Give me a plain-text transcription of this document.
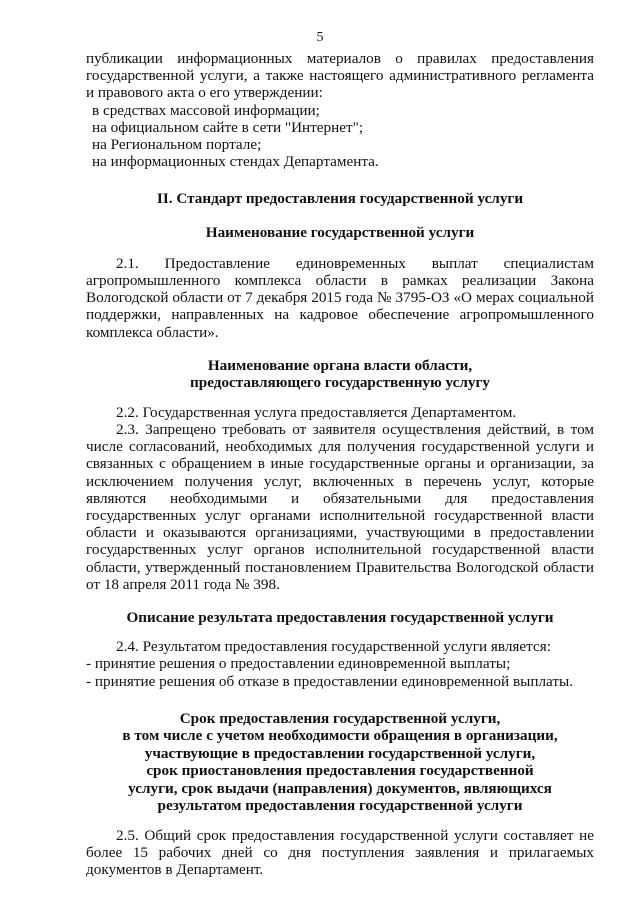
5

публикации информационных материалов о правилах предоставления государственной услуги, а также настоящего административного регламента и правового акта о его утверждении:

в средствах массовой информации;

на официальном сайте в сети "Интернет";

на Региональном портале;

на информационных стендах Департамента.

II. Стандарт предоставления государственной услуги

Наименование государственной услуги

2.1. Предоставление единовременных выплат специалистам агропромышленного комплекса области в рамках реализации Закона Вологодской области от 7 декабря 2015 года № 3795-ОЗ «О мерах социальной поддержки, направленных на кадровое обеспечение агропромышленного комплекса области».

Наименование органа власти области,
предоставляющего государственную услугу

2.2. Государственная услуга предоставляется Департаментом.

2.3. Запрещено требовать от заявителя осуществления действий, в том числе согласований, необходимых для получения государственной услуги и связанных с обращением в иные государственные органы и организации, за исключением получения услуг, включенных в перечень услуг, которые являются необходимыми и обязательными для предоставления государственных услуг органами исполнительной государственной власти области и оказываются организациями, участвующими в предоставлении государственных услуг органов исполнительной государственной власти области, утвержденный постановлением Правительства Вологодской области от 18 апреля 2011 года № 398.

Описание результата предоставления государственной услуги

2.4. Результатом предоставления государственной услуги является:

- принятие решения о предоставлении единовременной выплаты;

- принятие решения об отказе в предоставлении единовременной выплаты.

Срок предоставления государственной услуги,
в том числе с учетом необходимости обращения в организации,
участвующие в предоставлении государственной услуги,
срок приостановления предоставления государственной
услуги, срок выдачи (направления) документов, являющихся
результатом предоставления государственной услуги

2.5. Общий срок предоставления государственной услуги составляет не более 15 рабочих дней со дня поступления заявления и прилагаемых документов в Департамент.
